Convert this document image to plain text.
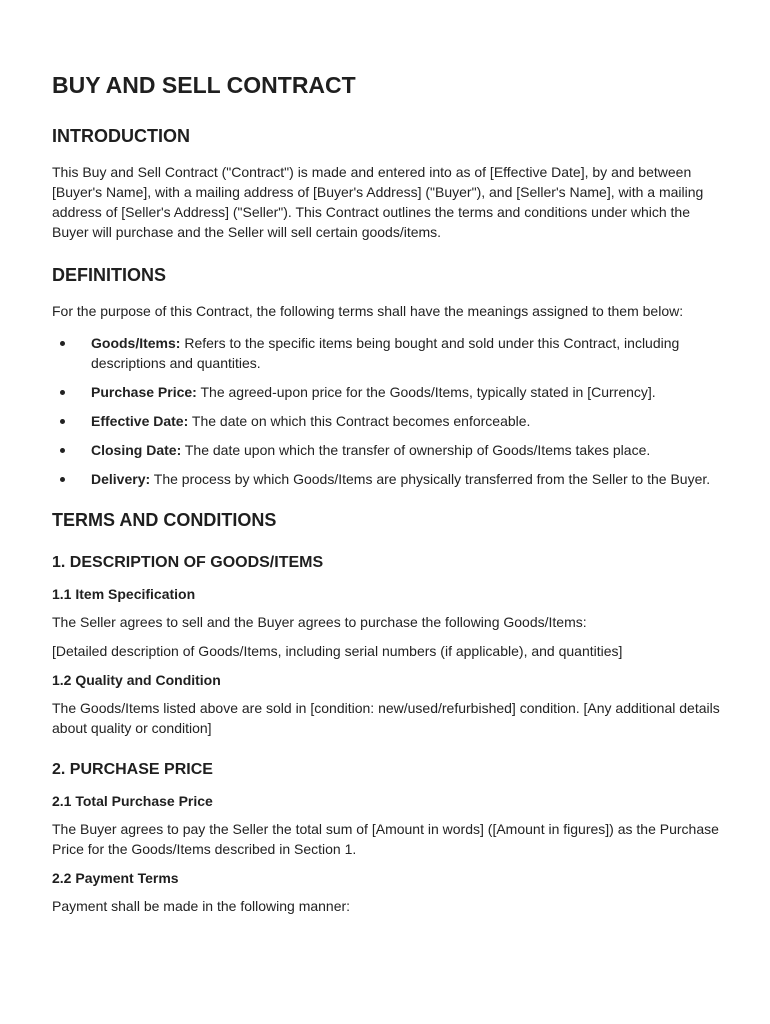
BUY AND SELL CONTRACT
INTRODUCTION

This Buy and Sell Contract ("Contract") is made and entered into as of [Effective Date], by and between [Buyer's Name], with a mailing address of [Buyer's Address] ("Buyer"), and [Seller's Name], with a mailing address of [Seller's Address] ("Seller"). This Contract outlines the terms and conditions under which the Buyer will purchase and the Seller will sell certain goods/items.

DEFINITIONS

For the purpose of this Contract, the following terms shall have the meanings assigned to them below:

Goods/Items: Refers to the specific items being bought and sold under this Contract, including descriptions and quantities.
Purchase Price: The agreed-upon price for the Goods/Items, typically stated in [Currency].
Effective Date: The date on which this Contract becomes enforceable.
Closing Date: The date upon which the transfer of ownership of Goods/Items takes place.
Delivery: The process by which Goods/Items are physically transferred from the Seller to the Buyer.
TERMS AND CONDITIONS
1. DESCRIPTION OF GOODS/ITEMS
1.1 Item Specification

The Seller agrees to sell and the Buyer agrees to purchase the following Goods/Items:

[Detailed description of Goods/Items, including serial numbers (if applicable), and quantities]

1.2 Quality and Condition

The Goods/Items listed above are sold in [condition: new/used/refurbished] condition. [Any additional details about quality or condition]

2. PURCHASE PRICE
2.1 Total Purchase Price

The Buyer agrees to pay the Seller the total sum of [Amount in words] ([Amount in figures]) as the Purchase Price for the Goods/Items described in Section 1.

2.2 Payment Terms

Payment shall be made in the following manner:
